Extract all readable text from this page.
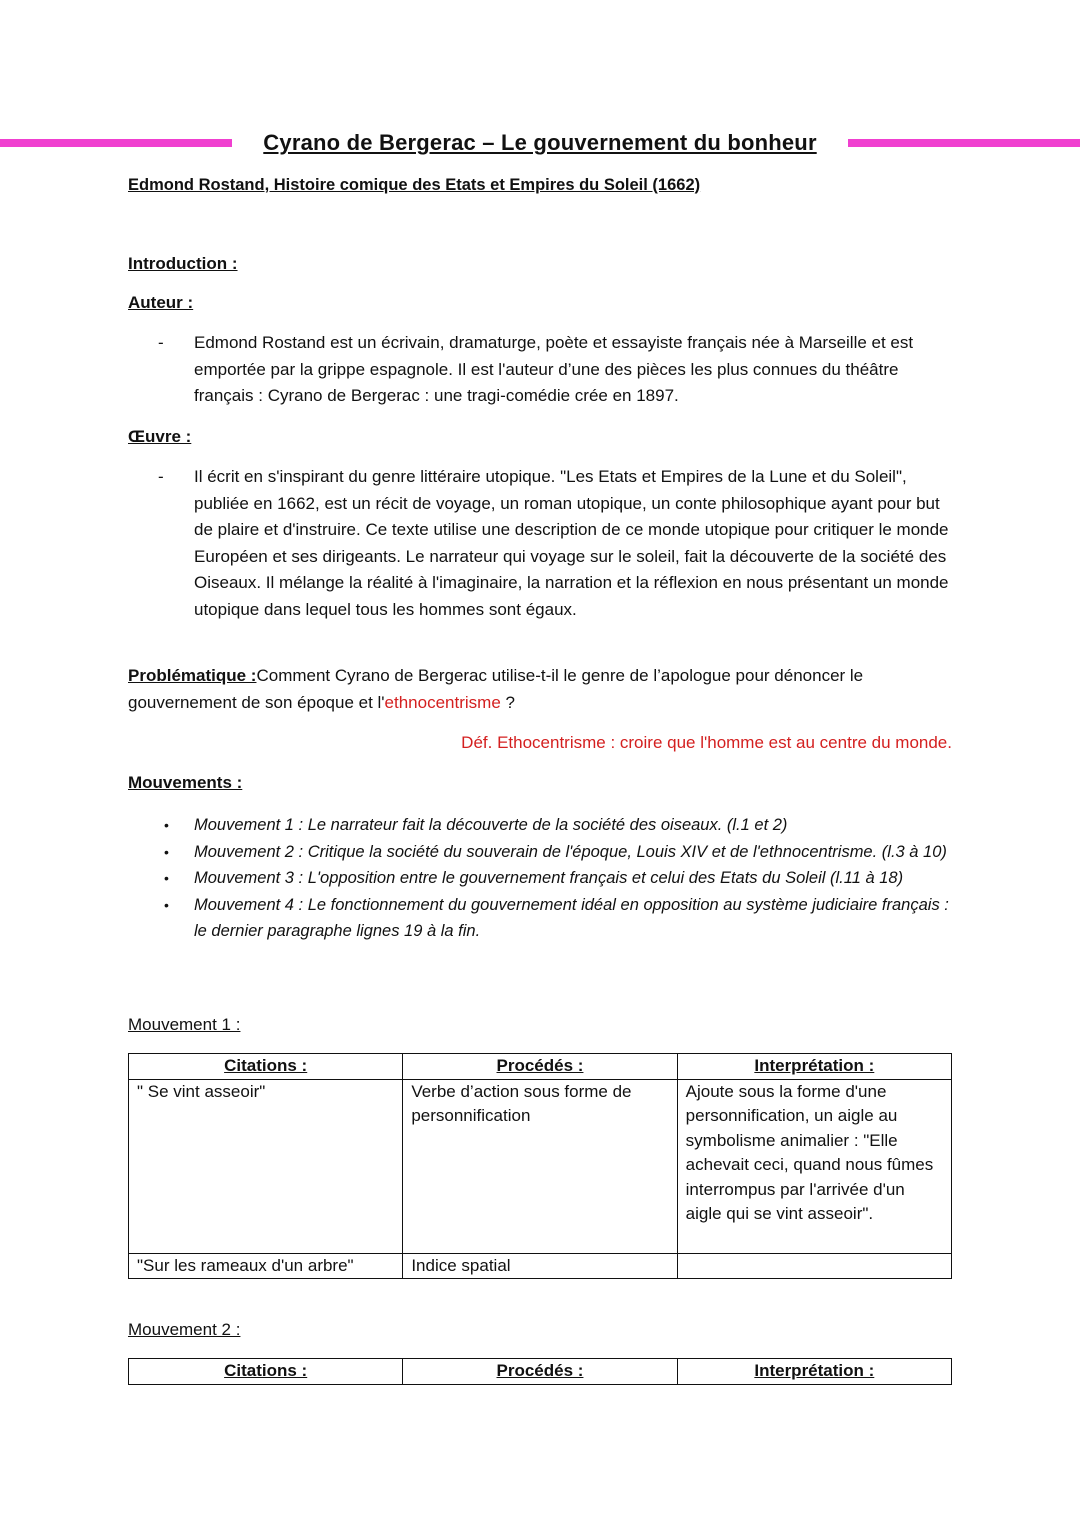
Cyrano de Bergerac – Le gouvernement du bonheur
Edmond Rostand, Histoire comique des Etats et Empires du Soleil (1662)
Introduction :
Auteur :
- Edmond Rostand est un écrivain, dramaturge, poète et essayiste français née à Marseille et est emportée par la grippe espagnole. Il est l'auteur d’une des pièces les plus connues du théâtre français : Cyrano de Bergerac : une tragi-comédie crée en 1897.
Œuvre :
- Il écrit en s'inspirant du genre littéraire utopique. "Les Etats et Empires de la Lune et du Soleil", publiée en 1662, est un récit de voyage, un roman utopique, un conte philosophique ayant pour but de plaire et d'instruire. Ce texte utilise une description de ce monde utopique pour critiquer le monde Européen et ses dirigeants. Le narrateur qui voyage sur le soleil, fait la découverte de la société des Oiseaux. Il mélange la réalité à l'imaginaire, la narration et la réflexion en nous présentant un monde utopique dans lequel tous les hommes sont égaux.
Problématique :Comment Cyrano de Bergerac utilise-t-il le genre de l’apologue pour dénoncer le gouvernement de son époque et l'ethnocentrisme ?
Déf. Ethocentrisme : croire que l'homme est au centre du monde.
Mouvements :
• Mouvement 1 : Le narrateur fait la découverte de la société des oiseaux. (l.1 et 2)
• Mouvement 2 : Critique la société du souverain de l'époque, Louis XIV et de l'ethnocentrisme. (l.3 à 10)
• Mouvement 3 : L'opposition entre le gouvernement français et celui des Etats du Soleil (l.11 à 18)
• Mouvement 4 : Le fonctionnement du gouvernement idéal en opposition au système judiciaire français : le dernier paragraphe lignes 19 à la fin.
Mouvement 1 :
Citations :	Procédés :	Interprétation :
" Se vint asseoir"	Verbe d’action sous forme de personnification	Ajoute sous la forme d'une personnification, un aigle au symbolisme animalier : "Elle achevait ceci, quand nous fûmes interrompus par l'arrivée d'un aigle qui se vint asseoir".
"Sur les rameaux d'un arbre"	Indice spatial	
Mouvement 2 :
Citations :	Procédés :	Interprétation :
